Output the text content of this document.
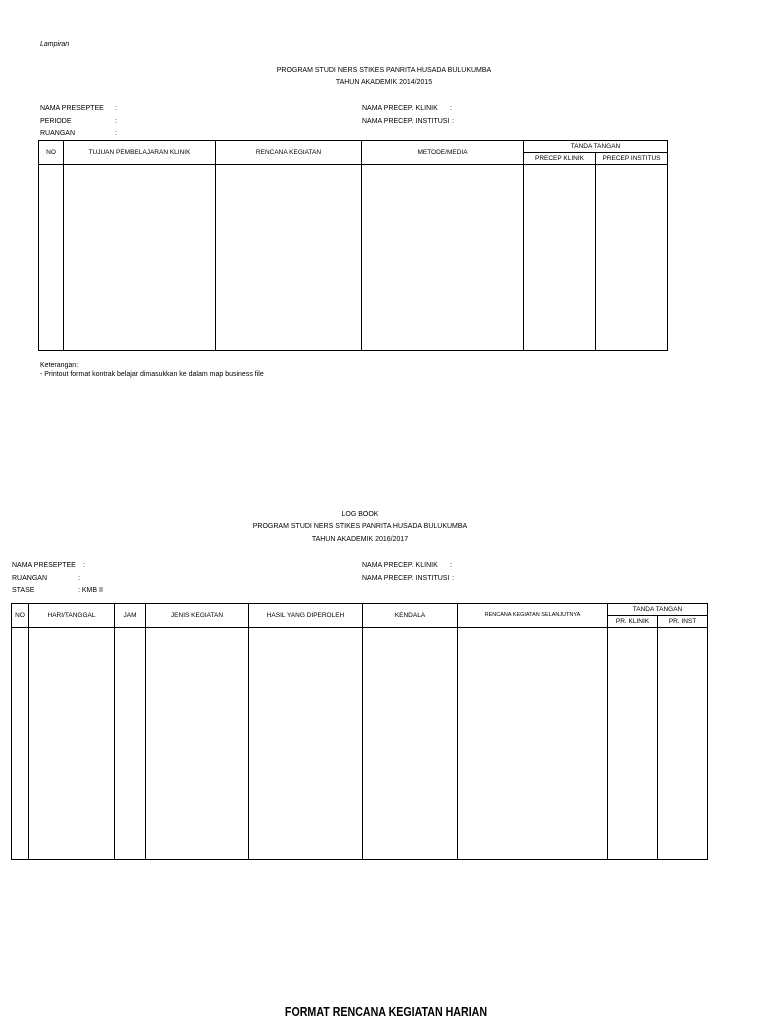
Lampiran
PROGRAM STUDI NERS STIKES PANRITA HUSADA BULUKUMBA
TAHUN AKADEMIK 2014/2015
NAMA PRESEPTEE :
PERIODE	:
RUANGAN	:
NAMA PRECEP. KLINIK :
NAMA PRECEP. INSTITUSI :
NO	TUJUAN PEMBELAJARAN KLINIK	RENCANA KEGIATAN	METODE/MEDIA	TANDA TANGAN	
				PRECEP KLINIK	PRECEP INSTITUS

Keterangan:
- Printout format kontrak belajar dimasukkan ke dalam map business file
LOG BOOK
PROGRAM STUDI NERS STIKES PANRITA HUSADA BULUKUMBA
TAHUN AKADEMIK 2016/2017
NAMA PRESEPTEE :
RUANGAN	:
STASE	: KMB II
NAMA PRECEP. KLINIK :
NAMA PRECEP. INSTITUSI :
NO	HARI/TANGGAL	JAM	JENIS KEGIATAN	HASIL YANG DIPEROLEH	KENDALA	RENCANA KEGIATAN SELANJUTNYA	TANDA TANGAN	
							PR. KLINIK	PR. INST

FORMAT RENCANA KEGIATAN HARIAN
